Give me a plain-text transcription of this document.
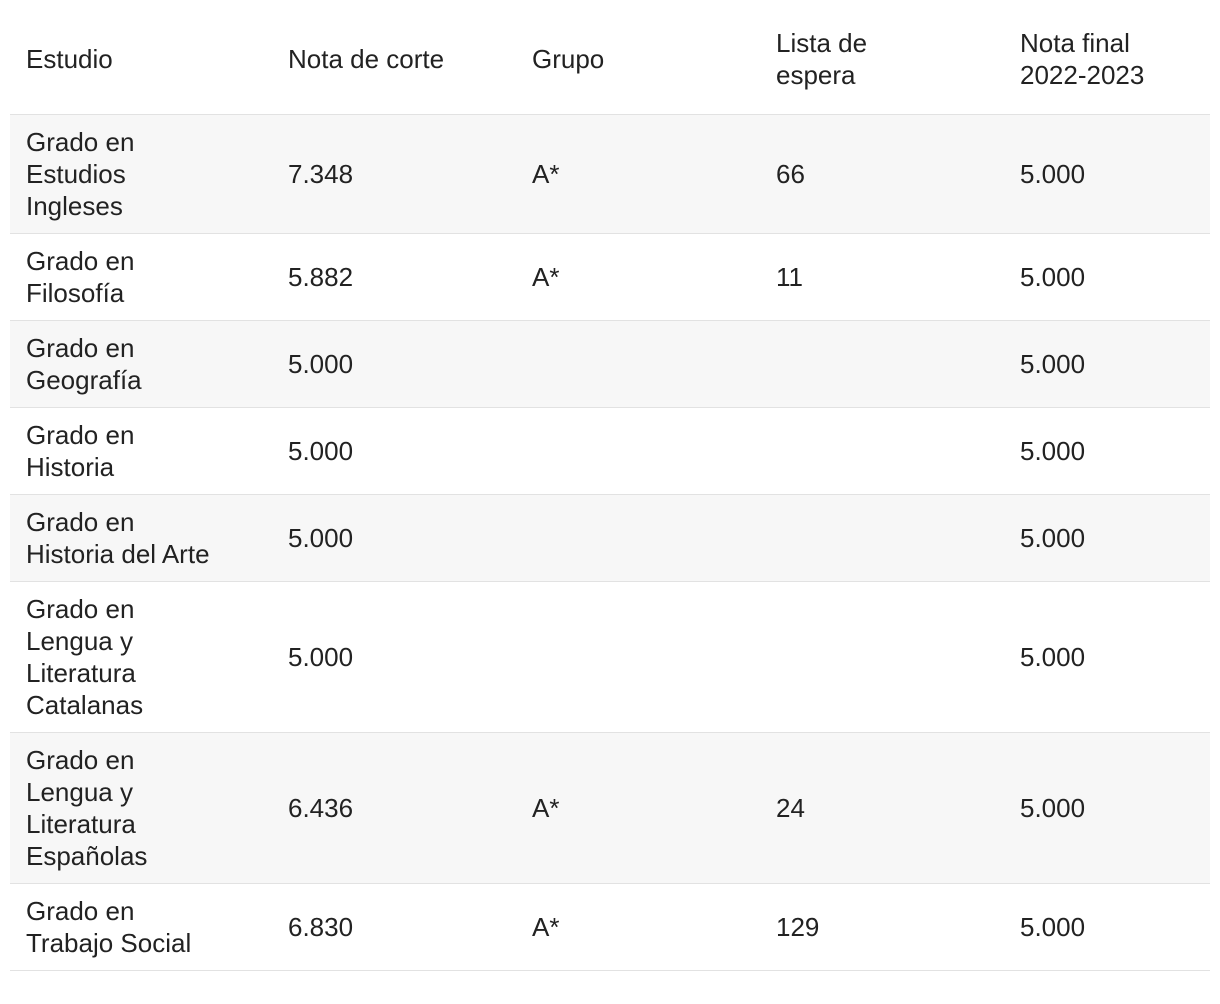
Estudio	Nota de corte	Grupo	Lista de espera	Nota final 2022-2023

Grado en Estudios Ingleses	7.348	A*	66	5.000

Grado en Filosofía	5.882	A*	11	5.000

Grado en Geografía	5.000			5.000

Grado en Historia	5.000			5.000

Grado en Historia del Arte	5.000			5.000

Grado en Lengua y Literatura Catalanas	5.000			5.000

Grado en Lengua y Literatura Españolas	6.436	A*	24	5.000

Grado en Trabajo Social	6.830	A*	129	5.000
